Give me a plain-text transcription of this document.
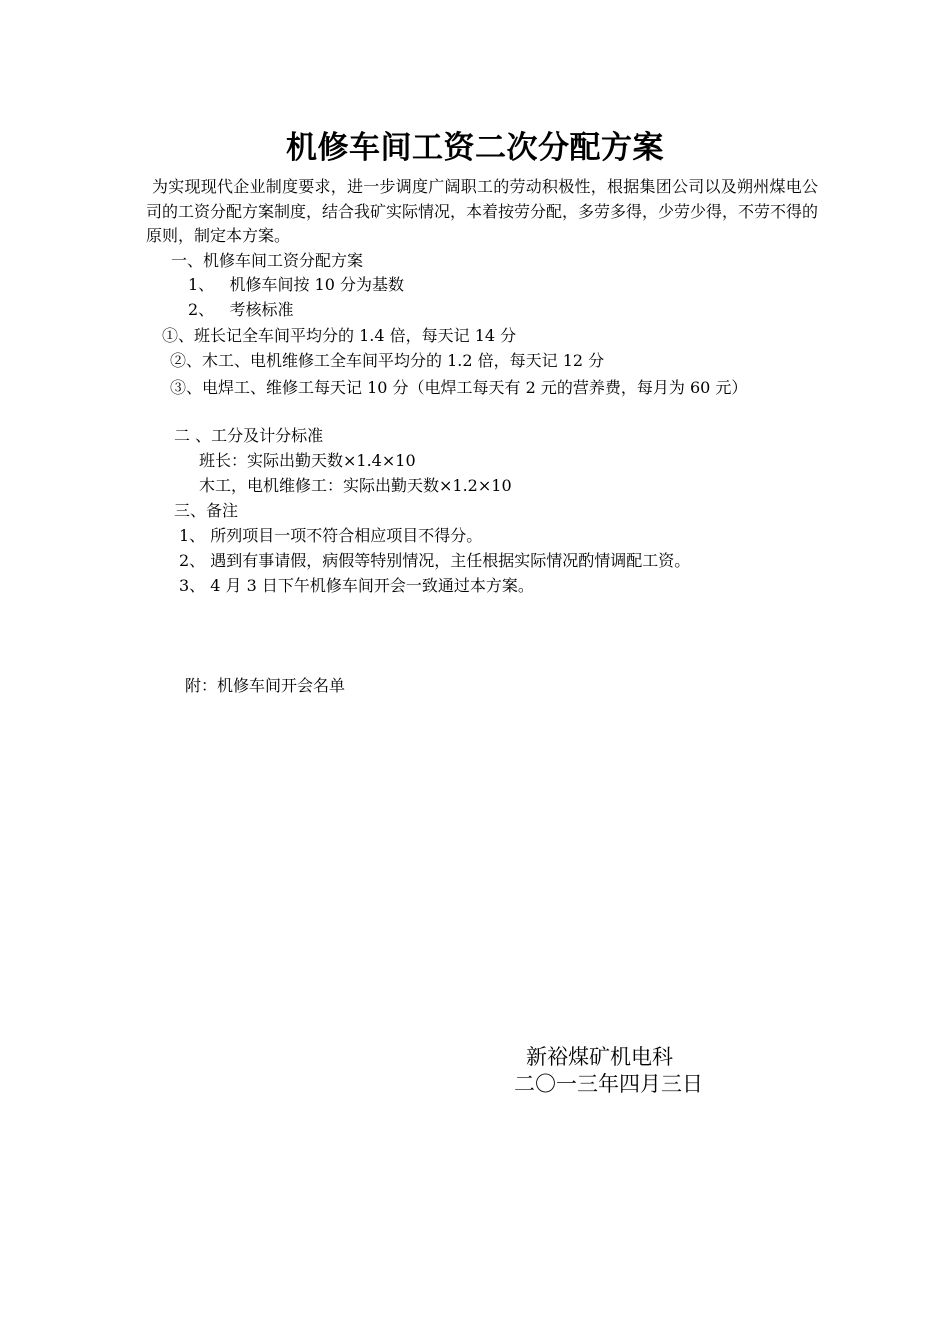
机修车间工资二次分配方案
为实现现代企业制度要求，进一步调度广阔职工的劳动积极性，根据集团公司以及朔州煤电公司的工资分配方案制度，结合我矿实际情况，本着按劳分配，多劳多得，少劳少得，不劳不得的原则，制定本方案。
一、机修车间工资分配方案
1、   机修车间按 10 分为基数
2、   考核标准
①、班长记全车间平均分的 1.4 倍，每天记 14 分
②、木工、电机维修工全车间平均分的 1.2 倍，每天记 12 分
③、电焊工、维修工每天记 10 分（电焊工每天有 2 元的营养费，每月为 60 元）
二 、工分及计分标准
班长：实际出勤天数×1.4×10
木工，电机维修工：实际出勤天数×1.2×10
三、备注
1、 所列项目一项不符合相应项目不得分。
2、 遇到有事请假，病假等特别情况，主任根据实际情况酌情调配工资。
3、 4 月 3 日下午机修车间开会一致通过本方案。
附：机修车间开会名单
新裕煤矿机电科
二〇一三年四月三日
